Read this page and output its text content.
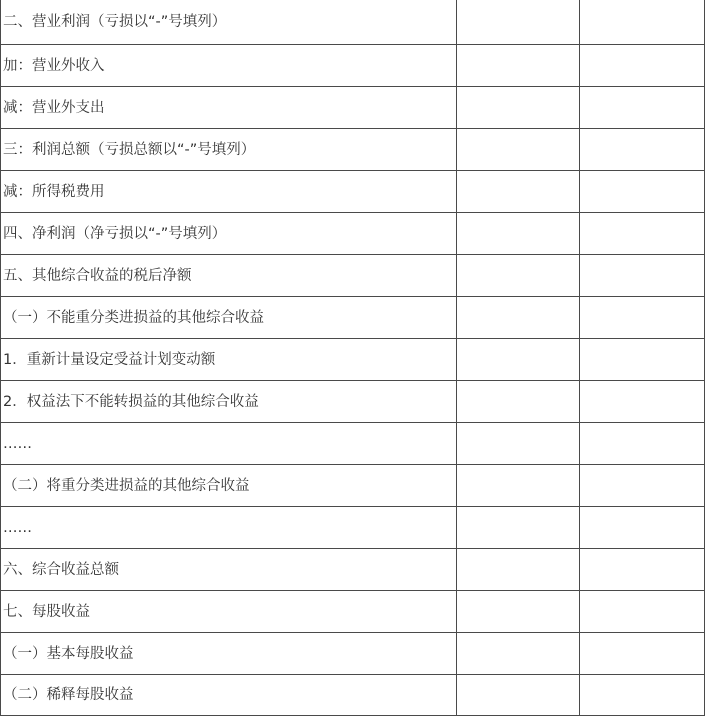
二、营业利润（亏损以“-”号填列）		
加：营业外收入		
减：营业外支出		
三：利润总额（亏损总额以“-”号填列）		
减：所得税费用		
四、净利润（净亏损以“-”号填列）		
五、其他综合收益的税后净额		
（一）不能重分类进损益的其他综合收益		
1．重新计量设定受益计划变动额		
2．权益法下不能转损益的其他综合收益		
……		
（二）将重分类进损益的其他综合收益		
……		
六、综合收益总额		
七、每股收益		
（一）基本每股收益		
（二）稀释每股收益		
